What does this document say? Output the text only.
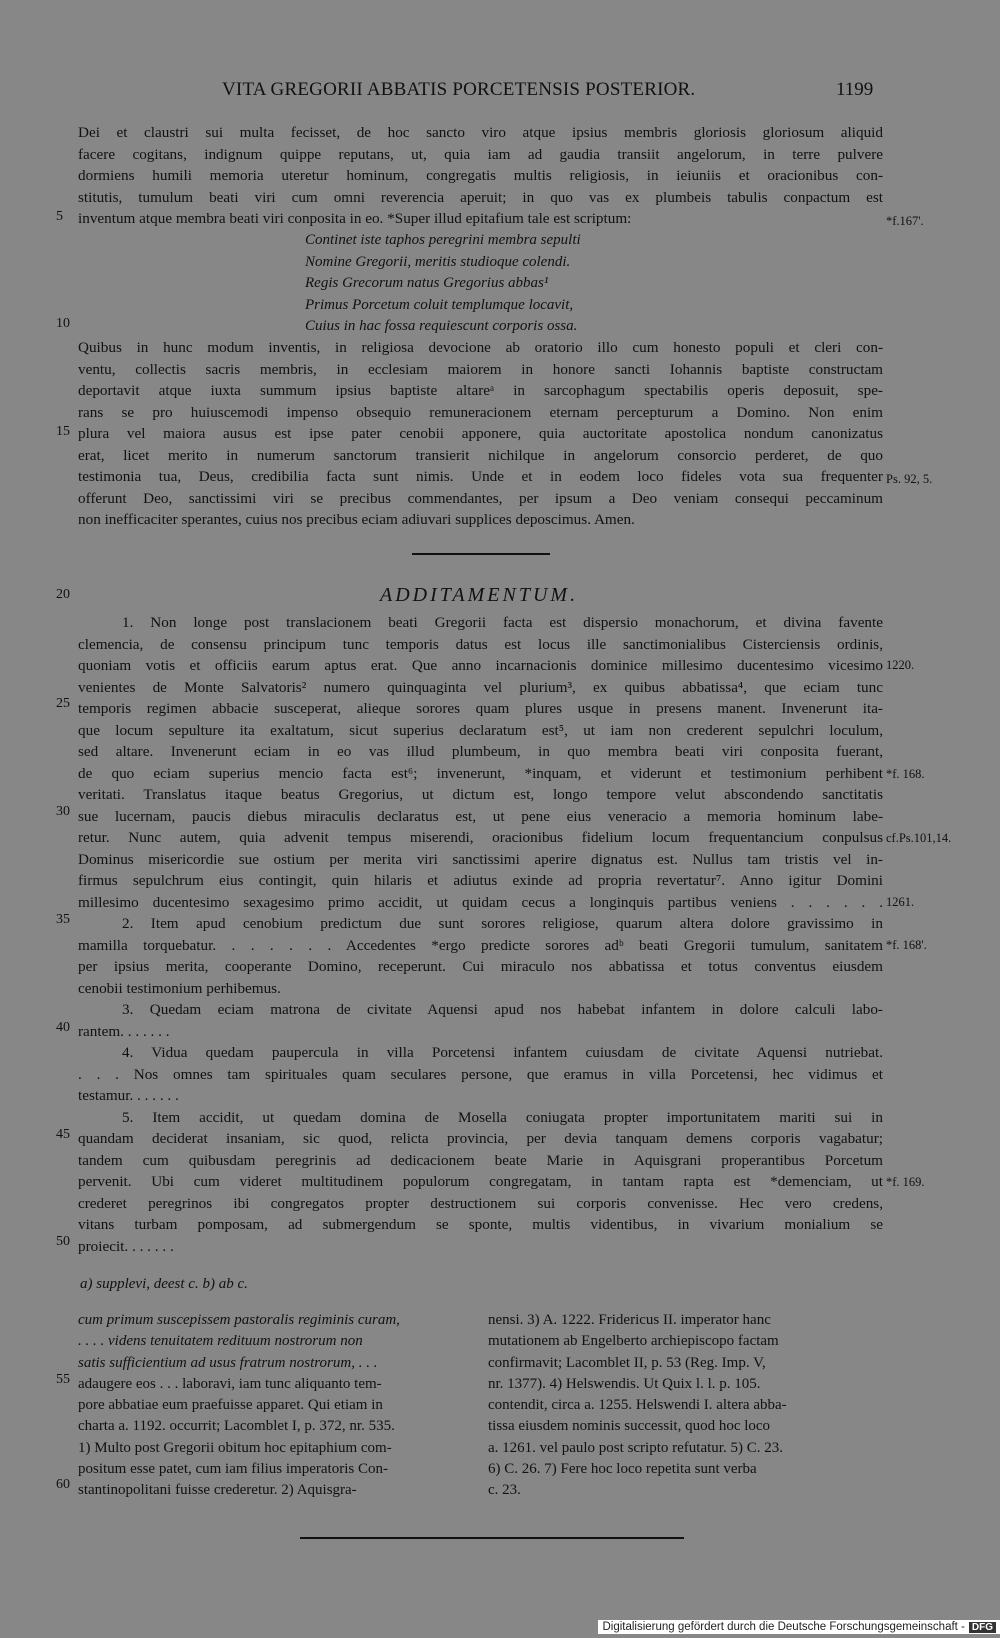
VITA GREGORII ABBATIS PORCETENSIS POSTERIOR.	1199
Dei et claustri sui multa fecisset, de hoc sancto viro atque ipsius membris gloriosis gloriosum aliquid
facere cogitans, indignum quippe reputans, ut, quia iam ad gaudia transiit angelorum, in terre pulvere
dormiens humili memoria uteretur hominum, congregatis multis religiosis, in ieiuniis et oracionibus con-
stitutis, tumulum beati viri cum omni reverencia aperuit; in quo vas ex plumbeis tabulis conpactum est
inventum atque membra beati viri conposita in eo. *Super illud epitafium tale est scriptum:
Continet iste taphos peregrini membra sepulti
Nomine Gregorii, meritis studioque colendi.
Regis Grecorum natus Gregorius abbas¹
Primus Porcetum coluit templumque locavit,
Cuius in hac fossa requiescunt corporis ossa.
Quibus in hunc modum inventis, in religiosa devocione ab oratorio illo cum honesto populi et cleri con-
ventu, collectis sacris membris, in ecclesiam maiorem in honore sancti Iohannis baptiste constructam
deportavit atque iuxta summum ipsius baptiste altareᵃ in sarcophagum spectabilis operis deposuit, spe-
rans se pro huiuscemodi impenso obsequio remuneracionem eternam percepturum a Domino. Non enim
plura vel maiora ausus est ipse pater cenobii apponere, quia auctoritate apostolica nondum canonizatus
erat, licet merito in numerum sanctorum transierit nichilque in angelorum consorcio perderet, de quo
testimonia tua, Deus, credibilia facta sunt nimis. Unde et in eodem loco fideles vota sua frequenter
offerunt Deo, sanctissimi viri se precibus commendantes, per ipsum a Deo veniam consequi peccaminum
non inefficaciter sperantes, cuius nos precibus eciam adiuvari supplices deposcimus. Amen.
ADDITAMENTUM.
1. Non longe post translacionem beati Gregorii facta est dispersio monachorum, et divina favente
clemencia, de consensu principum tunc temporis datus est locus ille sanctimonialibus Cisterciensis ordinis,
quoniam votis et officiis earum aptus erat. Que anno incarnacionis dominice millesimo ducentesimo vicesimo
venientes de Monte Salvatoris² numero quinquaginta vel plurium³, ex quibus abbatissa⁴, que eciam tunc
temporis regimen abbacie susceperat, alieque sorores quam plures usque in presens manent. Invenerunt ita-
que locum sepulture ita exaltatum, sicut superius declaratum est⁵, ut iam non crederent sepulchri loculum,
sed altare. Invenerunt eciam in eo vas illud plumbeum, in quo membra beati viri conposita fuerant,
de quo eciam superius mencio facta est⁶; invenerunt, *inquam, et viderunt et testimonium perhibent
veritati. Translatus itaque beatus Gregorius, ut dictum est, longo tempore velut abscondendo sanctitatis
sue lucernam, paucis diebus miraculis declaratus est, ut pene eius veneracio a memoria hominum labe-
retur. Nunc autem, quia advenit tempus miserendi, oracionibus fidelium locum frequentancium conpulsus
Dominus misericordie sue ostium per merita viri sanctissimi aperire dignatus est. Nullus tam tristis vel in-
firmus sepulchrum eius contingit, quin hilaris et adiutus exinde ad propria revertatur⁷. Anno igitur Domini
millesimo ducentesimo sexagesimo primo accidit, ut quidam cecus a longinquis partibus veniens . . . . . .
2. Item apud cenobium predictum due sunt sorores religiose, quarum altera dolore gravissimo in
mamilla torquebatur. . . . . . . Accedentes *ergo predicte sorores adᵇ beati Gregorii tumulum, sanitatem
per ipsius merita, cooperante Domino, receperunt. Cui miraculo nos abbatissa et totus conventus eiusdem
cenobii testimonium perhibemus.
3. Quedam eciam matrona de civitate Aquensi apud nos habebat infantem in dolore calculi labo-
rantem. . . . . . .
4. Vidua quedam paupercula in villa Porcetensi infantem cuiusdam de civitate Aquensi nutriebat.
. . . Nos omnes tam spirituales quam seculares persone, que eramus in villa Porcetensi, hec vidimus et
testamur. . . . . . .
5. Item accidit, ut quedam domina de Mosella coniugata propter importunitatem mariti sui in
quandam deciderat insaniam, sic quod, relicta provincia, per devia tanquam demens corporis vagabatur;
tandem cum quibusdam peregrinis ad dedicacionem beate Marie in Aquisgrani properantibus Porcetum
pervenit. Ubi cum videret multitudinem populorum congregatam, in tantam rapta est *demenciam, ut
crederet peregrinos ibi congregatos propter destructionem sui corporis convenisse. Hec vero credens,
vitans turbam pomposam, ad submergendum se sponte, multis videntibus, in vivarium monialium se
proiecit. . . . . . .
a) supplevi, deest c. b) ab c.
cum primum suscepissem pastoralis regiminis curam,
. . . . videns tenuitatem redituum nostrorum non
satis sufficientium ad usus fratrum nostrorum, . . .
adaugere eos . . . laboravi, iam tunc aliquanto tem-
pore abbatiae eum praefuisse apparet. Qui etiam in
charta a. 1192. occurrit; Lacomblet I, p. 372, nr. 535.
1) Multo post Gregorii obitum hoc epitaphium com-
positum esse patet, cum iam filius imperatoris Con-
stantinopolitani fuisse crederetur. 2) Aquisgra-
nensi. 3) A. 1222. Fridericus II. imperator hanc
mutationem ab Engelberto archiepiscopo factam
confirmavit; Lacomblet II, p. 53 (Reg. Imp. V,
nr. 1377). 4) Helswendis. Ut Quix l. l. p. 105.
contendit, circa a. 1255. Helswendi I. altera abba-
tissa eiusdem nominis successit, quod hoc loco
a. 1261. vel paulo post scripto refutatur. 5) C. 23.
6) C. 26. 7) Fere hoc loco repetita sunt verba
c. 23.
5
10
15
20
25
30
35
40
45
50
55
60
*f.167'.
Ps. 92, 5.
1220.
*f. 168.
cf.Ps.101,14.
1261.
*f. 168'.
*f. 169.
Digitalisierung gefördert durch die Deutsche Forschungsgemeinschaft - DFG
